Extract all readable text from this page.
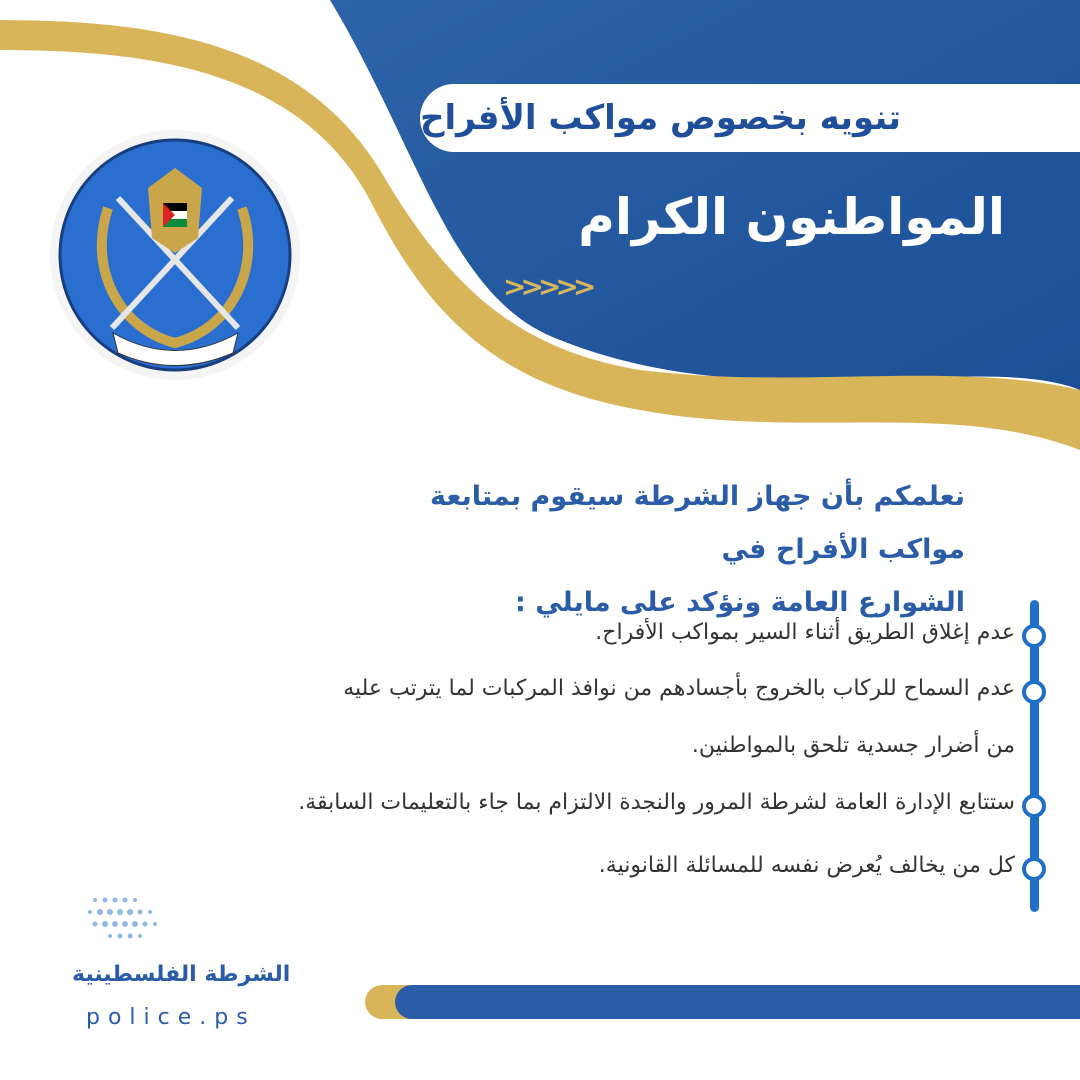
تنويه بخصوص مواكب الأفراح
المواطنون الكرام
>>>>>
نعلمكم بأن جهاز الشرطة سيقوم بمتابعة مواكب الأفراح في
الشوارع العامة ونؤكد على مايلي :
عدم إغلاق الطريق أثناء السير بمواكب الأفراح.
عدم السماح للركاب بالخروج بأجسادهم من نوافذ المركبات لما يترتب عليه
من أضرار جسدية تلحق بالمواطنين.
ستتابع الإدارة العامة لشرطة المرور والنجدة الالتزام بما جاء بالتعليمات السابقة.
كل من يخالف يُعرض نفسه للمسائلة القانونية.
الشرطة الفلسطينية
police.ps
